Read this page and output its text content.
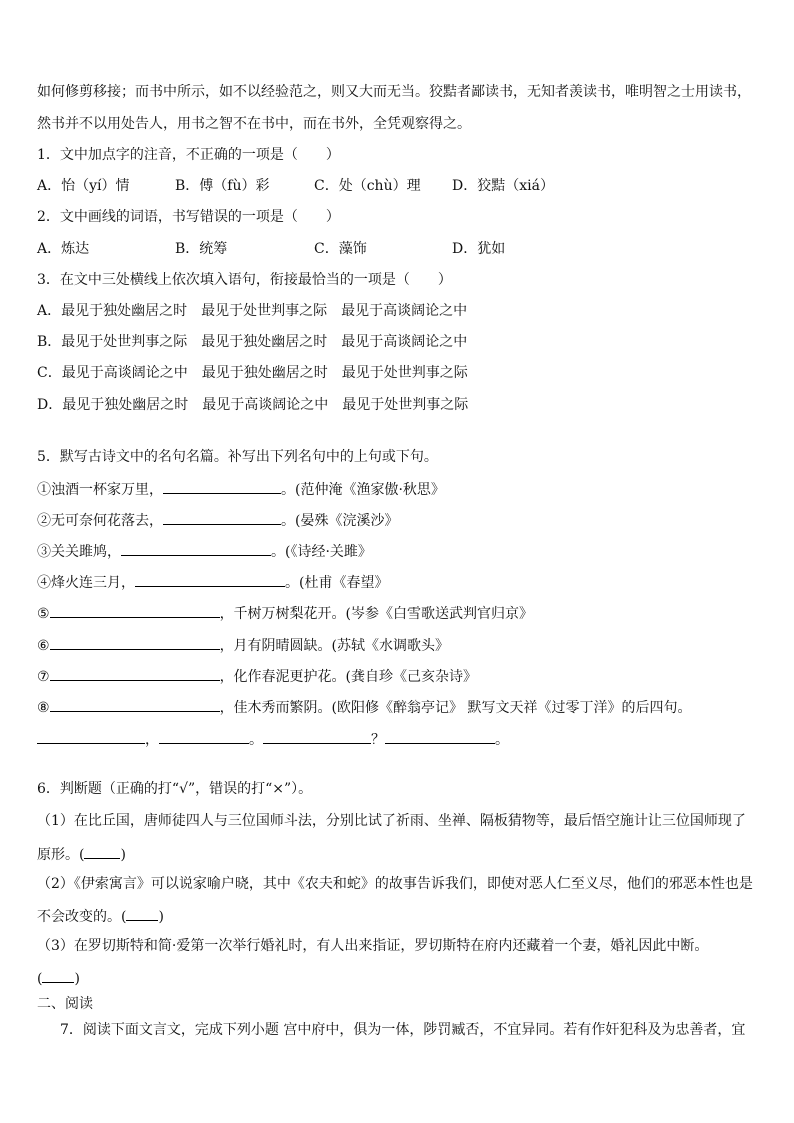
如何修剪移接；而书中所示，如不以经验范之，则又大而无当。狡黠者鄙读书，无知者羡读书，唯明智之士用读书，
然书并不以用处告人，用书之智不在书中，而在书外，全凭观察得之。
1．文中加点字的注音，不正确的一项是（　　）
A．怡（yí）情	B．傅（fù）彩	C．处（chù）理 D．狡黠（xiá）
2．文中画线的词语，书写错误的一项是（　　）
A．炼达	B．统筹	C．藻饰	D．犹如
3．在文中三处横线上依次填入语句，衔接最恰当的一项是（　　）
A．最见于独处幽居之时　最见于处世判事之际　最见于高谈阔论之中
B．最见于处世判事之际　最见于独处幽居之时　最见于高谈阔论之中
C．最见于高谈阔论之中　最见于独处幽居之时　最见于处世判事之际
D．最见于独处幽居之时　最见于高谈阔论之中　最见于处世判事之际
5．默写古诗文中的名句名篇。补写出下列名句中的上句或下句。
①浊酒一杯家万里，	。(范仲淹《渔家傲·秋思》
②无可奈何花落去，	。(晏殊《浣溪沙》
③关关雎鸠，	。(《诗经·关雎》
④烽火连三月，	。(杜甫《春望》
⑤	，千树万树梨花开。(岑参《白雪歌送武判官归京》
⑥	，月有阴晴圆缺。(苏轼《水调歌头》
⑦	，化作春泥更护花。(龚自珍《己亥杂诗》
⑧	，佳木秀而繁阴。(欧阳修《醉翁亭记》 默写文天祥《过零丁洋》的后四句。
，	。	？	。
6．判断题（正确的打“√”，错误的打“×”）。
（1）在比丘国，唐师徒四人与三位国师斗法，分别比试了祈雨、坐禅、隔板猜物等，最后悟空施计让三位国师现了
原形。(	)
（2）《伊索寓言》可以说家喻户晓，其中《农夫和蛇》的故事告诉我们，即使对恶人仁至义尽，他们的邪恶本性也是
不会改变的。( )
（3）在罗切斯特和简·爱第一次举行婚礼时，有人出来指证，罗切斯特在府内还藏着一个妻，婚礼因此中断。
( )
二、阅读
7．阅读下面文言文，完成下列小题 宫中府中，俱为一体，陟罚臧否，不宜异同。若有作奸犯科及为忠善者，宜
